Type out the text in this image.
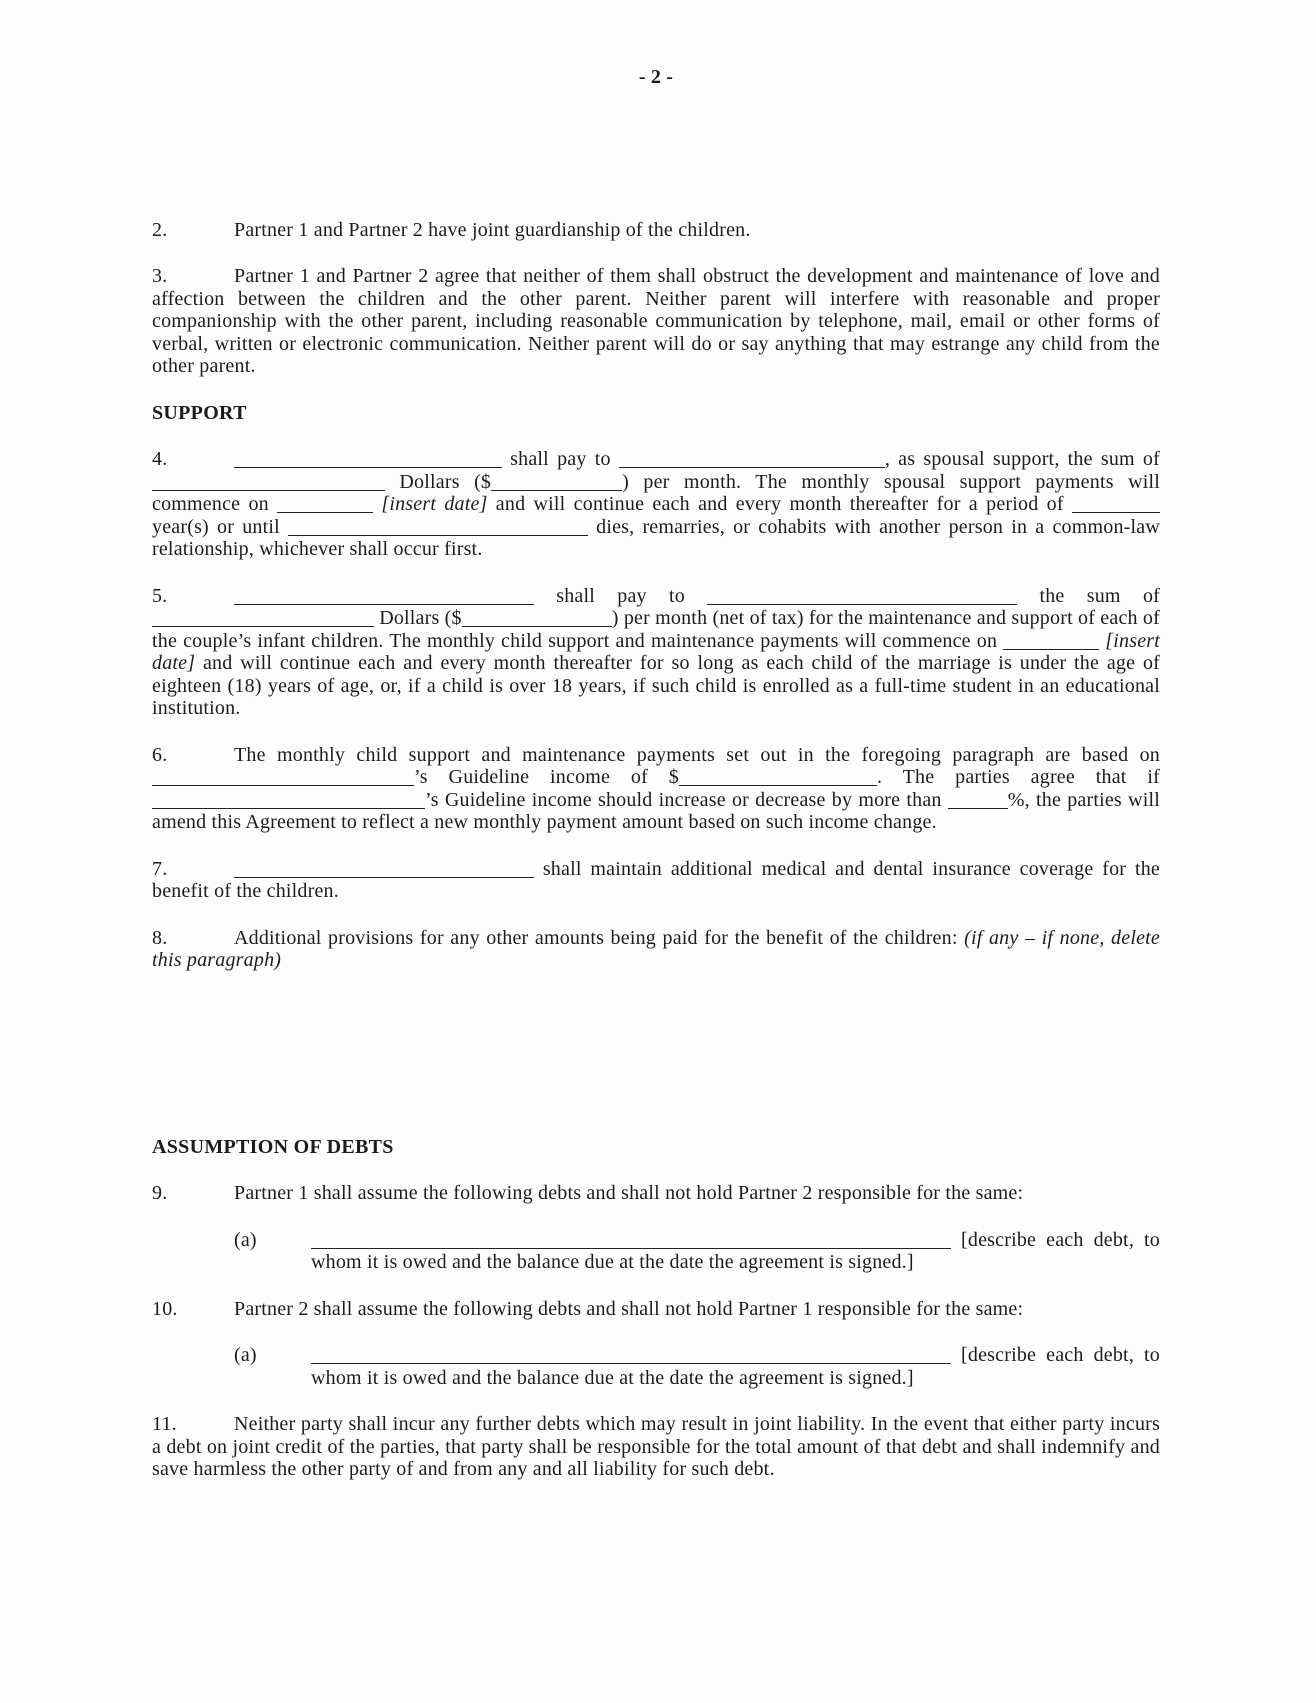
- 2 -

2.	Partner 1 and Partner 2 have joint guardianship of the children.

3.	Partner 1 and Partner 2 agree that neither of them shall obstruct the development and maintenance of love and affection between the children and the other parent. Neither parent will interfere with reasonable and proper companionship with the other parent, including reasonable communication by telephone, mail, email or other forms of verbal, written or electronic communication. Neither parent will do or say anything that may estrange any child from the other parent.

SUPPORT

4.	shall pay to	, as spousal support, the sum of  Dollars ($	) per month. The monthly spousal support payments will commence on	[insert date] and will continue each and every month thereafter for a period of  year(s) or until	dies, remarries, or cohabits with another person in a common-law relationship, whichever shall occur first.

5.	shall pay to	the sum of  Dollars ($	) per month (net of tax) for the maintenance and support of each of the couple’s infant children. The monthly child support and maintenance payments will commence on	[insert date] and will continue each and every month thereafter for so long as each child of the marriage is under the age of eighteen (18) years of age, or, if a child is over 18 years, if such child is enrolled as a full-time student in an educational institution.

6.	The monthly child support and maintenance payments set out in the foregoing paragraph are based on ’s Guideline income of $	. The parties agree that if ’s Guideline income should increase or decrease by more than	%, the parties will amend this Agreement to reflect a new monthly payment amount based on such income change.

7.	shall maintain additional medical and dental insurance coverage for the benefit of the children.

8.	Additional provisions for any other amounts being paid for the benefit of the children: (if any – if none, delete this paragraph)

ASSUMPTION OF DEBTS

9.	Partner 1 shall assume the following debts and shall not hold Partner 2 responsible for the same:

(a)	[describe each debt, to whom it is owed and the balance due at the date the agreement is signed.]

10.	Partner 2 shall assume the following debts and shall not hold Partner 1 responsible for the same:

(a)	[describe each debt, to whom it is owed and the balance due at the date the agreement is signed.]

11.	Neither party shall incur any further debts which may result in joint liability. In the event that either party incurs a debt on joint credit of the parties, that party shall be responsible for the total amount of that debt and shall indemnify and save harmless the other party of and from any and all liability for such debt.
